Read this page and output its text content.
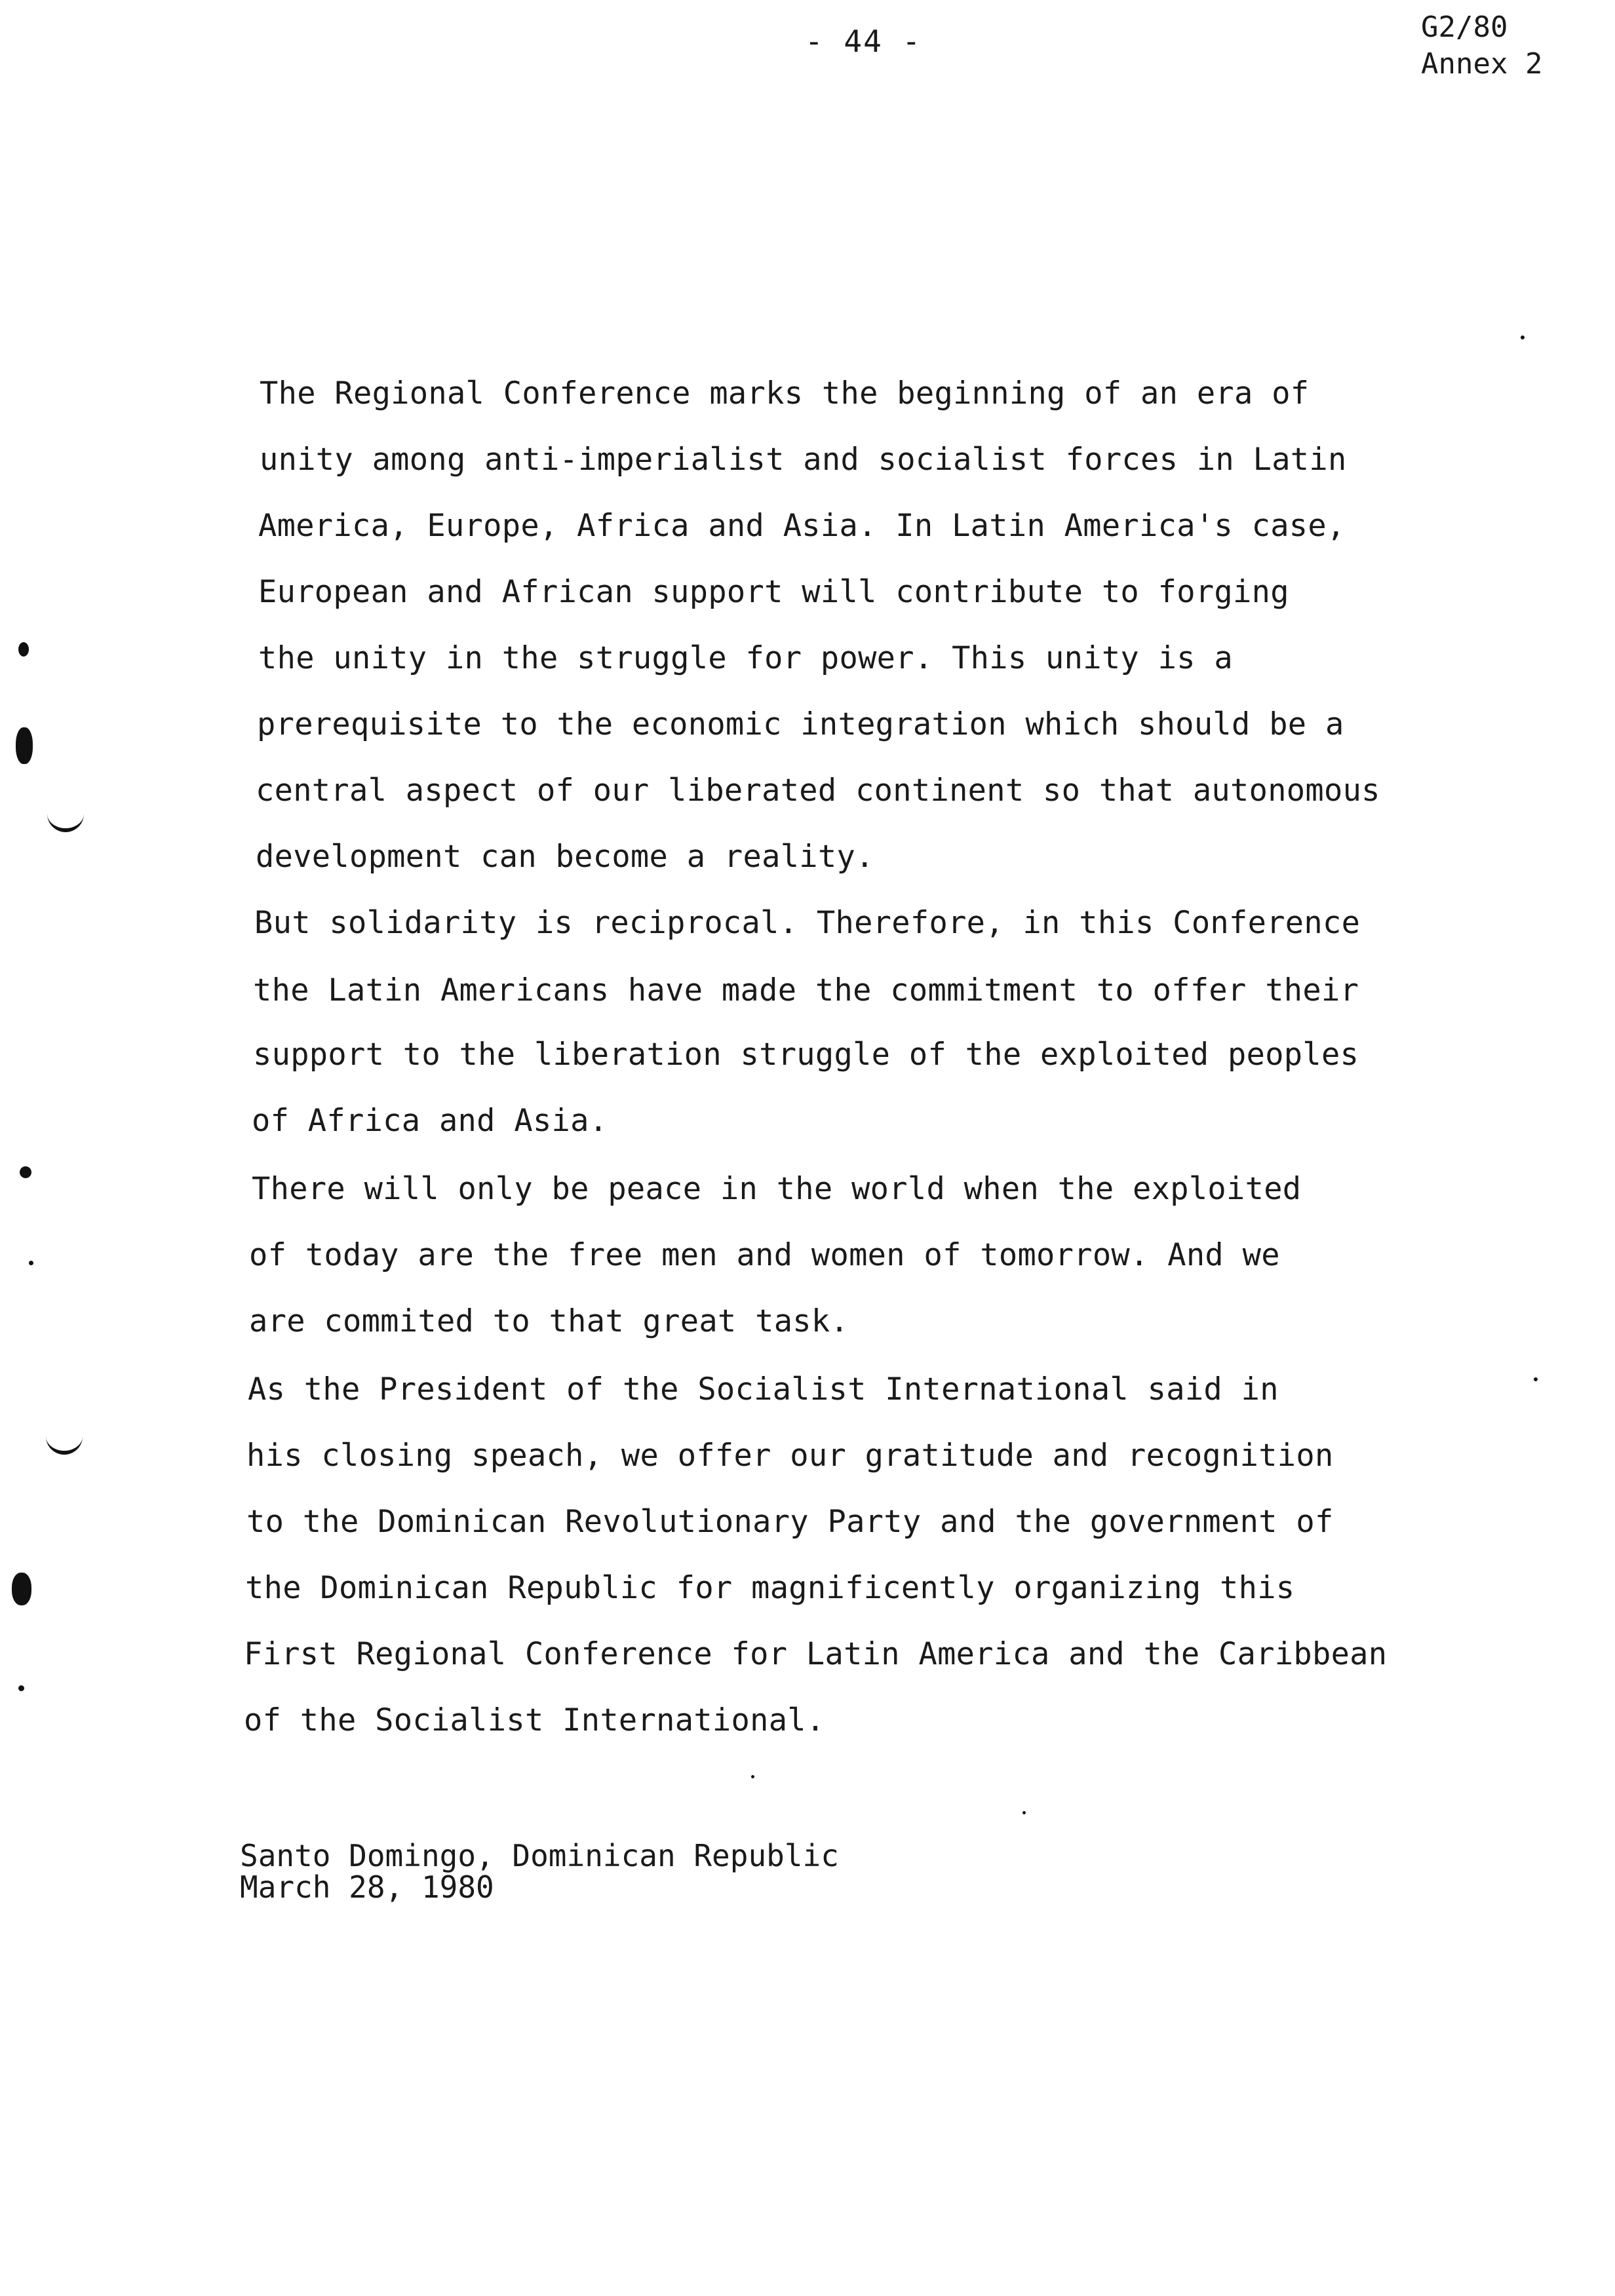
- 44 -	G2/80
Annex 2
The Regional Conference marks the beginning of an era of
unity among anti-imperialist and socialist forces in Latin
America, Europe, Africa and Asia. In Latin America's case,
European and African support will contribute to forging
the unity in the struggle for power. This unity is a
prerequisite to the economic integration which should be a
central aspect of our liberated continent so that autonomous
development can become a reality.
But solidarity is reciprocal. Therefore, in this Conference
the Latin Americans have made the commitment to offer their
support to the liberation struggle of the exploited peoples
of Africa and Asia.
There will only be peace in the world when the exploited
of today are the free men and women of tomorrow. And we
are commited to that great task.
As the President of the Socialist International said in
his closing speach, we offer our gratitude and recognition
to the Dominican Revolutionary Party and the government of
the Dominican Republic for magnificently organizing this
First Regional Conference for Latin America and the Caribbean
of the Socialist International.
Santo Domingo, Dominican Republic
March 28, 1980
